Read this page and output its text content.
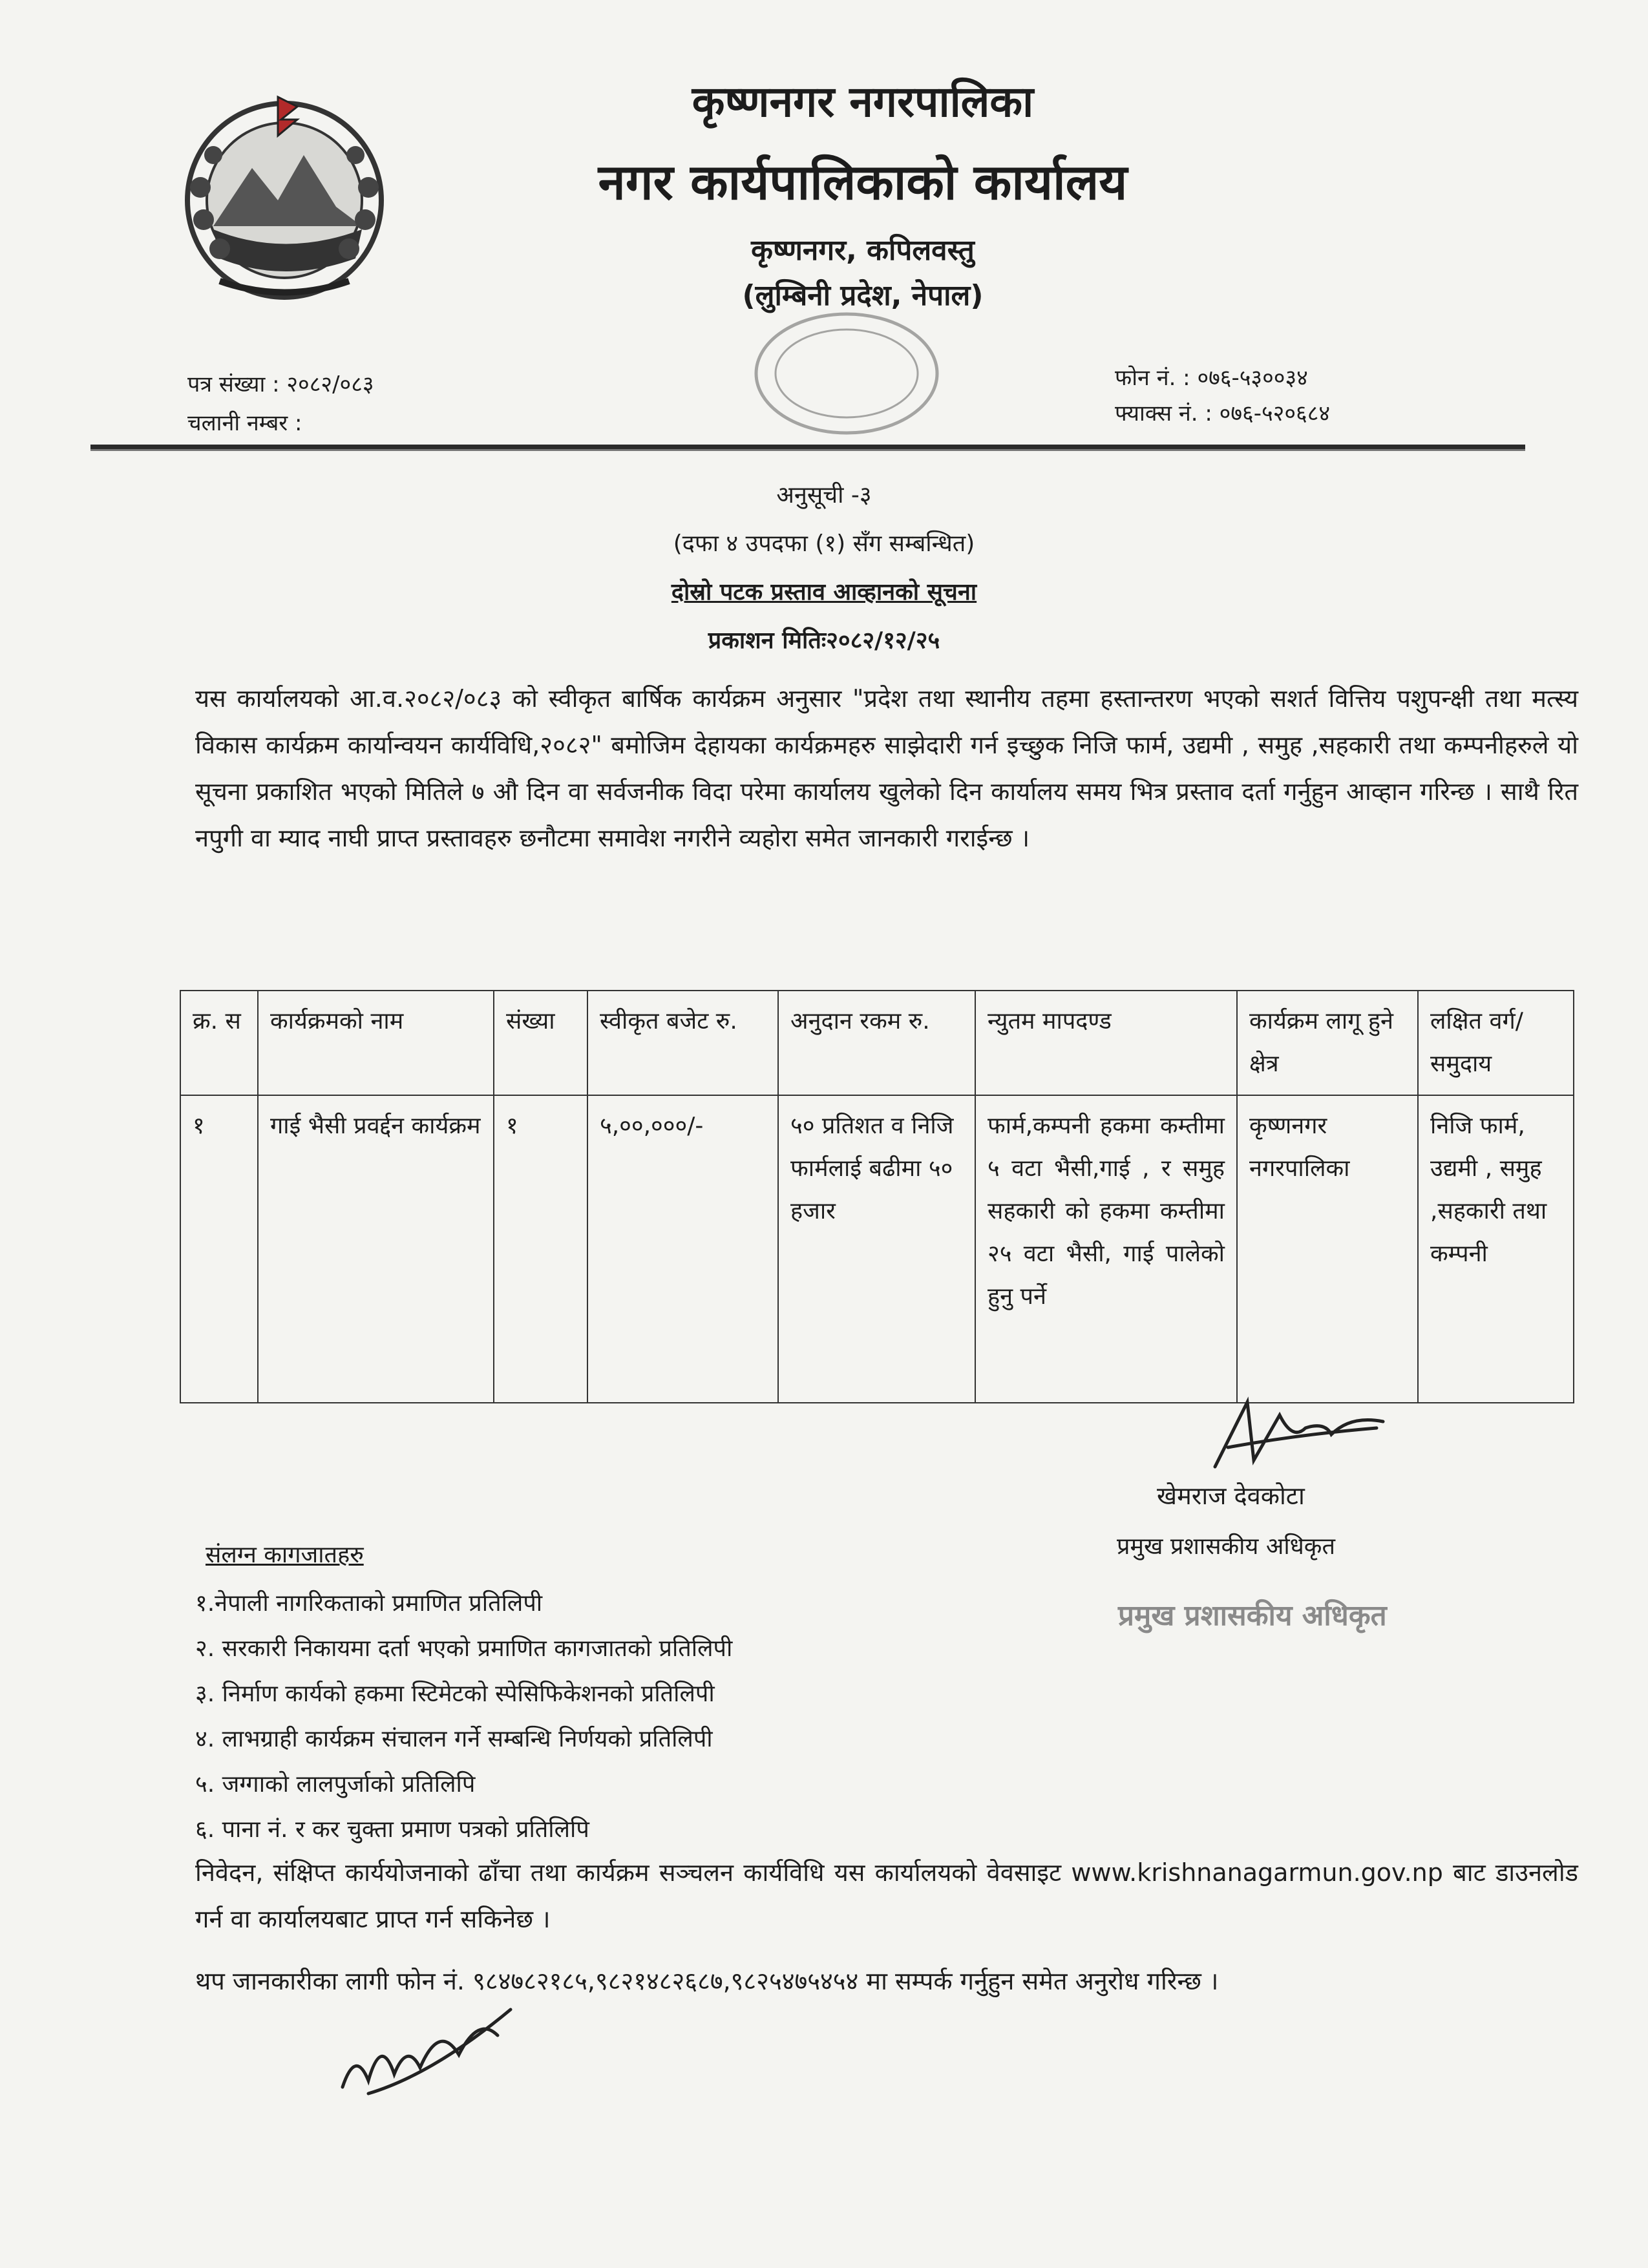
कृष्णनगर नगरपालिका
नगर कार्यपालिकाको कार्यालय
कृष्णनगर, कपिलवस्तु
(लुम्बिनी प्रदेश, नेपाल)
पत्र संख्या : २०८२/०८३
चलानी नम्बर :
फोन नं. : ०७६-५३००३४
फ्याक्स नं. : ०७६-५२०६८४
अनुसूची -३
(दफा ४ उपदफा (१) सँग सम्बन्धित)
दोस्रो पटक प्रस्ताव आव्हानको सूचना
प्रकाशन मितिः२०८२/१२/२५
यस कार्यालयको आ.व.२०८२/०८३ को स्वीकृत बार्षिक कार्यक्रम अनुसार "प्रदेश तथा स्थानीय तहमा हस्तान्तरण भएको सशर्त वित्तिय पशुपन्क्षी तथा मत्स्य विकास कार्यक्रम कार्यान्वयन कार्यविधि,२०८२" बमोजिम देहायका कार्यक्रमहरु साझेदारी गर्न इच्छुक निजि फार्म, उद्यमी , समुह ,सहकारी तथा कम्पनीहरुले यो सूचना प्रकाशित भएको मितिले ७ औ दिन वा सर्वजनीक विदा परेमा कार्यालय खुलेको दिन कार्यालय समय भित्र प्रस्ताव दर्ता गर्नुहुन आव्हान गरिन्छ । साथै रित नपुगी वा म्याद नाघी प्राप्त प्रस्तावहरु छनौटमा समावेश नगरीने व्यहोरा समेत जानकारी गराईन्छ ।
क्र. स	कार्यक्रमको नाम	संख्या	स्वीकृत बजेट रु.	अनुदान रकम रु.	न्युतम मापदण्ड	कार्यक्रम लागू हुने क्षेत्र	लक्षित वर्ग/ समुदाय
१	गाई भैसी प्रवर्द्दन कार्यक्रम	१	५,००,०००/-	५० प्रतिशत व निजि फार्मलाई बढीमा ५० हजार	फार्म,कम्पनी हकमा कम्तीमा ५ वटा भैसी,गाई , र समुह सहकारी को हकमा कम्तीमा २५ वटा भैसी, गाई पालेको हुनु पर्ने	कृष्णनगर नगरपालिका	निजि फार्म, उद्यमी , समुह ,सहकारी तथा कम्पनी
खेमराज देवकोटा
प्रमुख प्रशासकीय अधिकृत
प्रमुख प्रशासकीय अधिकृत
संलग्न कागजातहरु
१.नेपाली नागरिकताको प्रमाणित प्रतिलिपी
२. सरकारी निकायमा दर्ता भएको प्रमाणित कागजातको प्रतिलिपी
३. निर्माण कार्यको हकमा स्टिमेटको स्पेसिफिकेशनको प्रतिलिपी
४. लाभग्राही कार्यक्रम संचालन गर्ने सम्बन्धि निर्णयको प्रतिलिपी
५. जग्गाको लालपुर्जाको प्रतिलिपि
६. पाना नं. र कर चुक्ता प्रमाण पत्रको प्रतिलिपि
निवेदन, संक्षिप्त कार्ययोजनाको ढाँचा तथा कार्यक्रम सञ्चलन कार्यविधि यस कार्यालयको वेवसाइट www.krishnanagarmun.gov.np बाट डाउनलोड गर्न वा कार्यालयबाट प्राप्त गर्न सकिनेछ ।
थप जानकारीका लागी फोन नं. ९८४७८२१८५,९८२१४८२६८७,९८२५४७५४५४ मा सम्पर्क गर्नुहुन समेत अनुरोध गरिन्छ ।
